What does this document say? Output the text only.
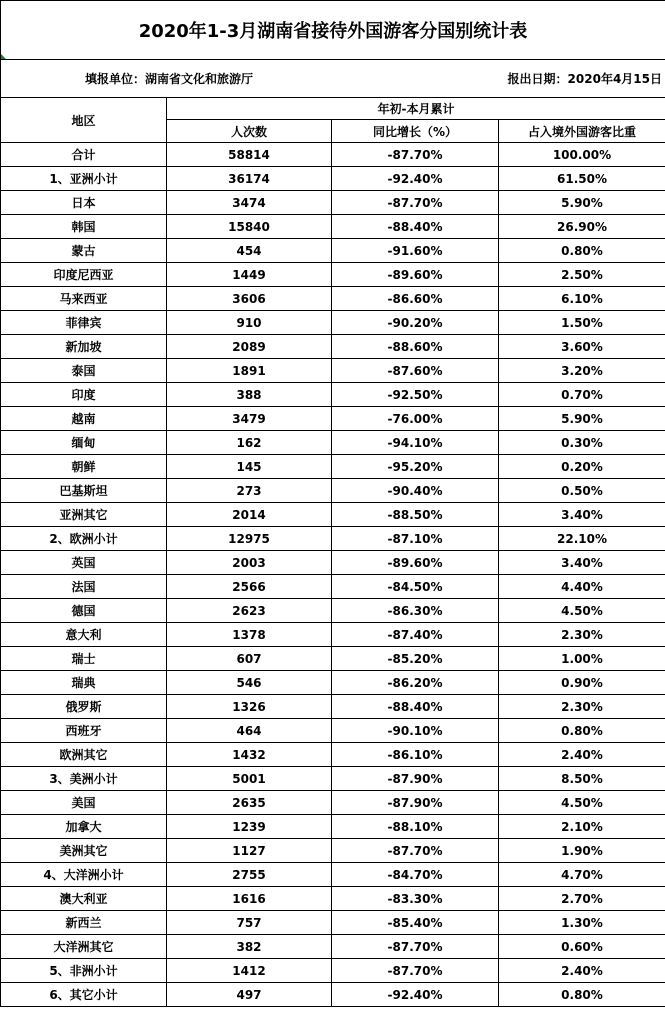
2020年1-3月湖南省接待外国游客分国别统计表			

填报单位：湖南省文化和旅游厅 报出日期：2020年4月15日			

地区	年初-本月累计		
	人次数	同比增长（%）	占入境外国游客比重
合计	58814	-87.70%	100.00%
1、亚洲小计	36174	-92.40%	61.50%
日本	3474	-87.70%	5.90%
韩国	15840	-88.40%	26.90%
蒙古	454	-91.60%	0.80%
印度尼西亚	1449	-89.60%	2.50%
马来西亚	3606	-86.60%	6.10%
菲律宾	910	-90.20%	1.50%
新加坡	2089	-88.60%	3.60%
泰国	1891	-87.60%	3.20%
印度	388	-92.50%	0.70%
越南	3479	-76.00%	5.90%
缅甸	162	-94.10%	0.30%
朝鲜	145	-95.20%	0.20%
巴基斯坦	273	-90.40%	0.50%
亚洲其它	2014	-88.50%	3.40%
2、欧洲小计	12975	-87.10%	22.10%
英国	2003	-89.60%	3.40%
法国	2566	-84.50%	4.40%
德国	2623	-86.30%	4.50%
意大利	1378	-87.40%	2.30%
瑞士	607	-85.20%	1.00%
瑞典	546	-86.20%	0.90%
俄罗斯	1326	-88.40%	2.30%
西班牙	464	-90.10%	0.80%
欧洲其它	1432	-86.10%	2.40%
3、美洲小计	5001	-87.90%	8.50%
美国	2635	-87.90%	4.50%
加拿大	1239	-88.10%	2.10%
美洲其它	1127	-87.70%	1.90%
4、大洋洲小计	2755	-84.70%	4.70%
澳大利亚	1616	-83.30%	2.70%
新西兰	757	-85.40%	1.30%
大洋洲其它	382	-87.70%	0.60%
5、非洲小计	1412	-87.70%	2.40%
6、其它小计	497	-92.40%	0.80%
